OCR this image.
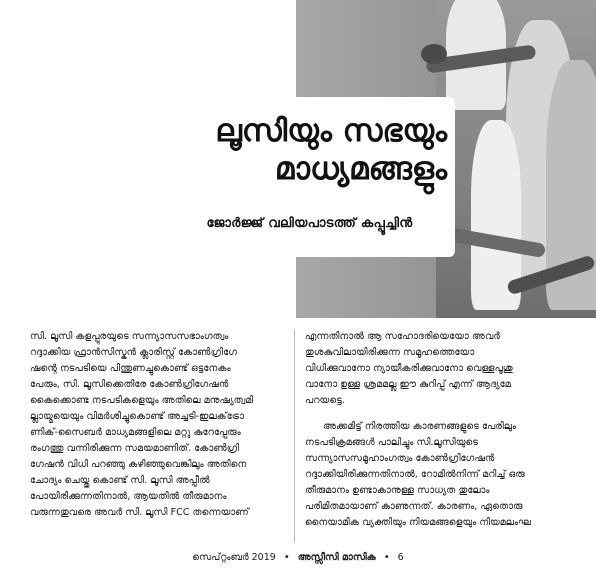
ലൂസിയും സഭയും
മാധ്യമങ്ങളും
ജോർജ്ജ് വലിയപാടത്ത് കപ്പൂച്ചിൻ
സി. ലൂസി കളപ്പുരയുടെ സന്ന്യാസസഭാംഗത്വം
റദ്ദാക്കിയ ഫ്രാൻസിസ്കൻ ക്ലാരിസ്റ്റ് കോൺഗ്രിഗേ
ഷന്റെ നടപടിയെ പിന്തുണച്ചുകൊണ്ട് ഒട്ടനേകം
പേരും, സി. ലൂസിക്കെതിരേ കോൺഗ്രിഗേഷൻ
കൈക്കൊണ്ട നടപടികളെയും അതിലെ മനുഷ്യത്വമി
ല്ലായ്മയെയും വിമർശിച്ചുകൊണ്ട് അച്ചടി-ഇലക്‌ട്രോ
ണിക്-സൈബർ മാധ്യമങ്ങളിലെ മറ്റു കുറേപ്പേരും
രംഗത്തു വന്നിരിക്കുന്ന സമയമാണിത്. കോൺഗ്രി
ഗേഷൻ വിധി പറഞ്ഞു കഴിഞ്ഞുവെങ്കിലും അതിനെ
ചോദ്യം ചെയ്തു കൊണ്ട് സി. ലൂസി അപ്പീൽ
പോയിരിക്കുന്നതിനാൽ, ആയതിൽ തീരുമാനം
വരുന്നതുവരെ അവർ സി. ലൂസി FCC തന്നെയാണ്
എന്നതിനാൽ ആ സഹോദരിയെയോ അവർ
തുശകുവിലായിരിക്കുന്ന സമൂഹത്തെയോ
വിധിക്കുവാനോ ന്യായീകരിക്കുവാനോ വെള്ളപൂശു
വാനോ ഉള്ള ശ്രമമല്ല ഈ കുറിപ്പ് എന്ന് ആദ്യമേ
പറയട്ടെ.
അക്കമിട്ട് നിരത്തിയ കാരണങ്ങളുടെ പേരിലും
നടപടിക്രമങ്ങൾ പാലിച്ചും സി.ലൂസിയുടെ
സന്ന്യാസസമൂഹാംഗത്വം കോൺഗ്രിഗേഷൻ
റദ്ദാക്കിയിരിക്കുന്നതിനാൽ, റോമിൽനിന്ന് മറിച്ച് ഒരു
തീരുമാനം ഉണ്ടാകാനുള്ള സാധ്യത തുലോം
പരിമിതമായാണ് കാണുന്നത്. കാരണം, ഏതൊരു
നൈയാമിക വ്യക്തിയും നിയമങ്ങളെയും നിയമലംഘ
സെപ്റ്റംബർ 2019 • അസ്സീസി മാസിക • 6
